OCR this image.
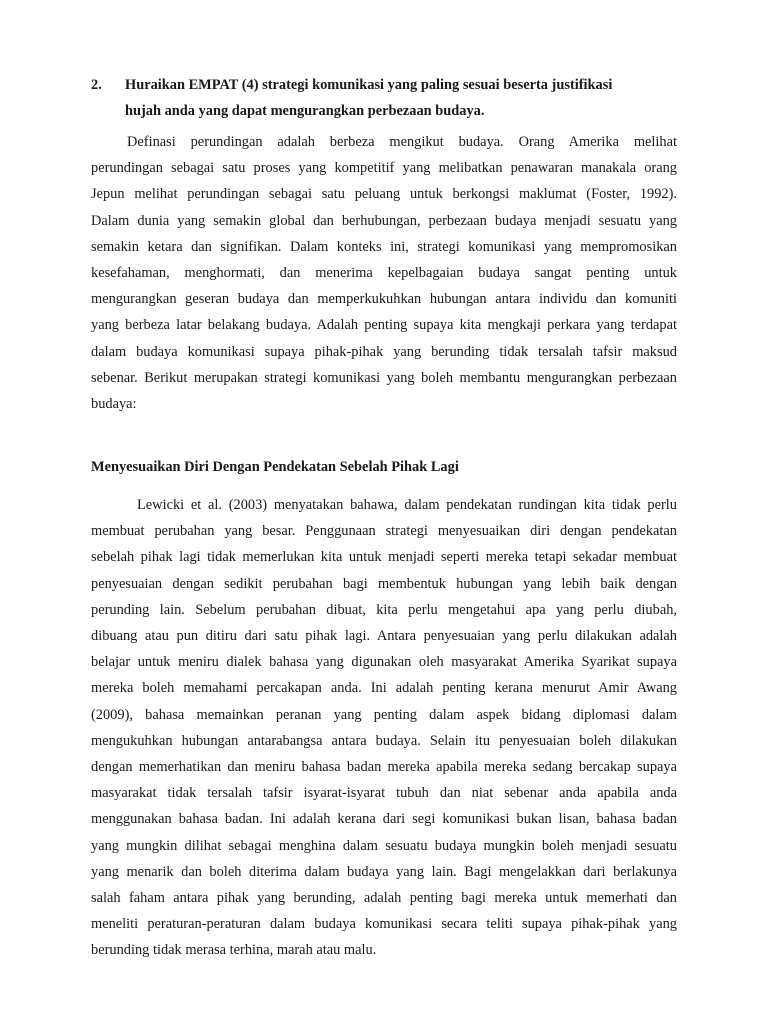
2. Huraikan EMPAT (4) strategi komunikasi yang paling sesuai beserta justifikasi
hujah anda yang dapat mengurangkan perbezaan budaya.
Definasi perundingan adalah berbeza mengikut budaya. Orang Amerika melihat
perundingan sebagai satu proses yang kompetitif yang melibatkan penawaran manakala orang
Jepun melihat perundingan sebagai satu peluang untuk berkongsi maklumat (Foster, 1992).
Dalam dunia yang semakin global dan berhubungan, perbezaan budaya menjadi sesuatu yang
semakin ketara dan signifikan. Dalam konteks ini, strategi komunikasi yang mempromosikan
kesefahaman, menghormati, dan menerima kepelbagaian budaya sangat penting untuk
mengurangkan geseran budaya dan memperkukuhkan hubungan antara individu dan komuniti
yang berbeza latar belakang budaya. Adalah penting supaya kita mengkaji perkara yang terdapat
dalam budaya komunikasi supaya pihak-pihak yang berunding tidak tersalah tafsir maksud
sebenar. Berikut merupakan strategi komunikasi yang boleh membantu mengurangkan perbezaan
budaya:
Menyesuaikan Diri Dengan Pendekatan Sebelah Pihak Lagi
Lewicki et al. (2003) menyatakan bahawa, dalam pendekatan rundingan kita tidak perlu
membuat perubahan yang besar. Penggunaan strategi menyesuaikan diri dengan pendekatan
sebelah pihak lagi tidak memerlukan kita untuk menjadi seperti mereka tetapi sekadar membuat
penyesuaian dengan sedikit perubahan bagi membentuk hubungan yang lebih baik dengan
perunding lain. Sebelum perubahan dibuat, kita perlu mengetahui apa yang perlu diubah,
dibuang atau pun ditiru dari satu pihak lagi. Antara penyesuaian yang perlu dilakukan adalah
belajar untuk meniru dialek bahasa yang digunakan oleh masyarakat Amerika Syarikat supaya
mereka boleh memahami percakapan anda. Ini adalah penting kerana menurut Amir Awang
(2009), bahasa memainkan peranan yang penting dalam aspek bidang diplomasi dalam
mengukuhkan hubungan antarabangsa antara budaya. Selain itu penyesuaian boleh dilakukan
dengan memerhatikan dan meniru bahasa badan mereka apabila mereka sedang bercakap supaya
masyarakat tidak tersalah tafsir isyarat-isyarat tubuh dan niat sebenar anda apabila anda
menggunakan bahasa badan. Ini adalah kerana dari segi komunikasi bukan lisan, bahasa badan
yang mungkin dilihat sebagai menghina dalam sesuatu budaya mungkin boleh menjadi sesuatu
yang menarik dan boleh diterima dalam budaya yang lain. Bagi mengelakkan dari berlakunya
salah faham antara pihak yang berunding, adalah penting bagi mereka untuk memerhati dan
meneliti peraturan-peraturan dalam budaya komunikasi secara teliti supaya pihak-pihak yang
berunding tidak merasa terhina, marah atau malu.
